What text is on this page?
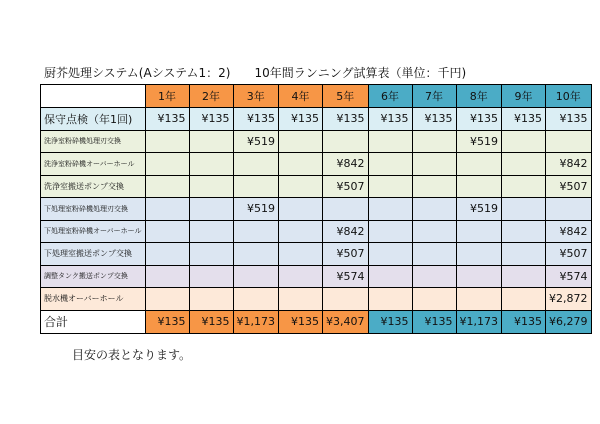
厨芥処理システム(Aシステム1：2)　　10年間ランニング試算表（単位：千円)
	1年	2年	3年	4年	5年	6年	7年	8年	9年	10年
保守点検（年1回)	¥135	¥135	¥135	¥135	¥135	¥135	¥135	¥135	¥135	¥135
洗浄室粉砕機処理刃交換			¥519					¥519		
洗浄室粉砕機オーバーホール					¥842					¥842
洗浄室搬送ポンプ交換					¥507					¥507
下処理室粉砕機処理刃交換			¥519					¥519		
下処理室粉砕機オーバーホール					¥842					¥842
下処理室搬送ポンプ交換					¥507					¥507
調整タンク搬送ポンプ交換					¥574					¥574
脱水機オーバーホール										¥2,872
合計	¥135	¥135	¥1,173	¥135	¥3,407	¥135	¥135	¥1,173	¥135	¥6,279
目安の表となります。
